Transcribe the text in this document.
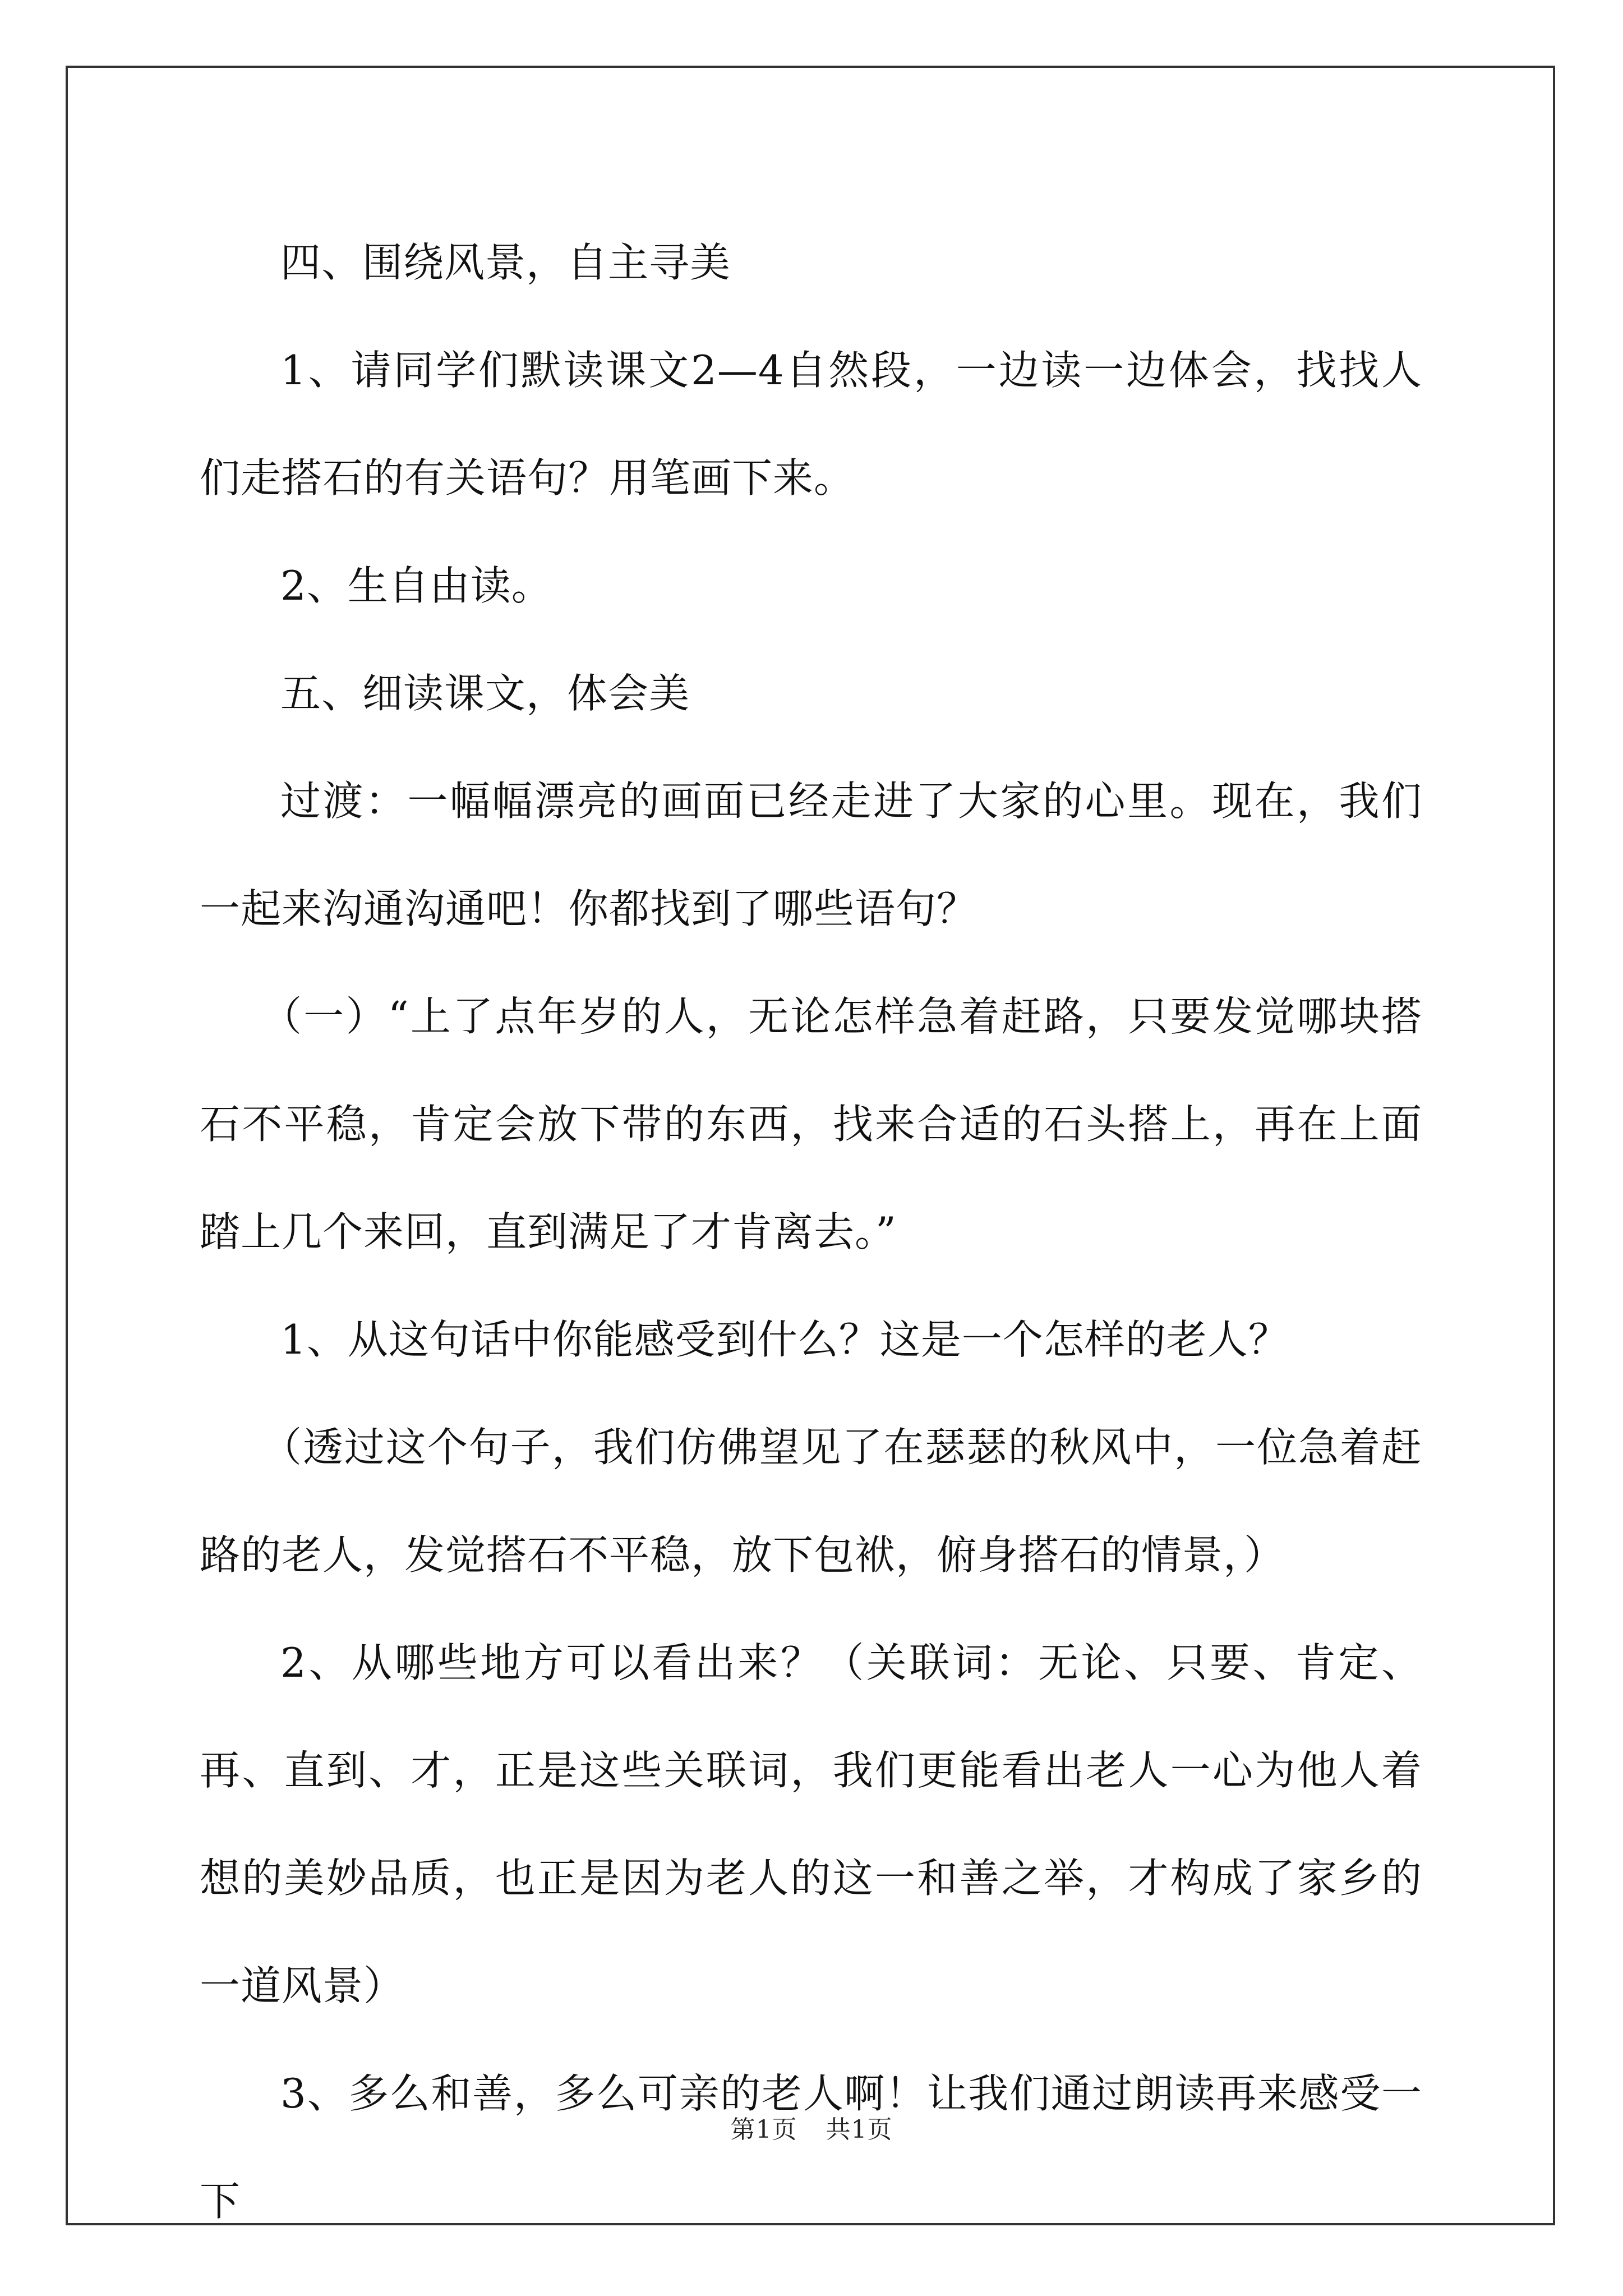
四、围绕风景，自主寻美

1、请同学们默读课文2—4自然段，一边读一边体会，找找人们走搭石的有关语句？用笔画下来。

2、生自由读。

五、细读课文，体会美

过渡：一幅幅漂亮的画面已经走进了大家的心里。现在，我们一起来沟通沟通吧！你都找到了哪些语句？

（一）“上了点年岁的人，无论怎样急着赶路，只要发觉哪块搭石不平稳，肯定会放下带的东西，找来合适的石头搭上，再在上面踏上几个来回，直到满足了才肯离去。”

1、从这句话中你能感受到什么？这是一个怎样的老人？

（透过这个句子，我们仿佛望见了在瑟瑟的秋风中，一位急着赶路的老人，发觉搭石不平稳，放下包袱，俯身搭石的情景，）

2、从哪些地方可以看出来？（关联词：无论、只要、肯定、再、直到、才，正是这些关联词，我们更能看出老人一心为他人着想的美妙品质，也正是因为老人的这一和善之举，才构成了家乡的一道风景）

3、多么和善，多么可亲的老人啊！让我们通过朗读再来感受一下

第1页 共1页
